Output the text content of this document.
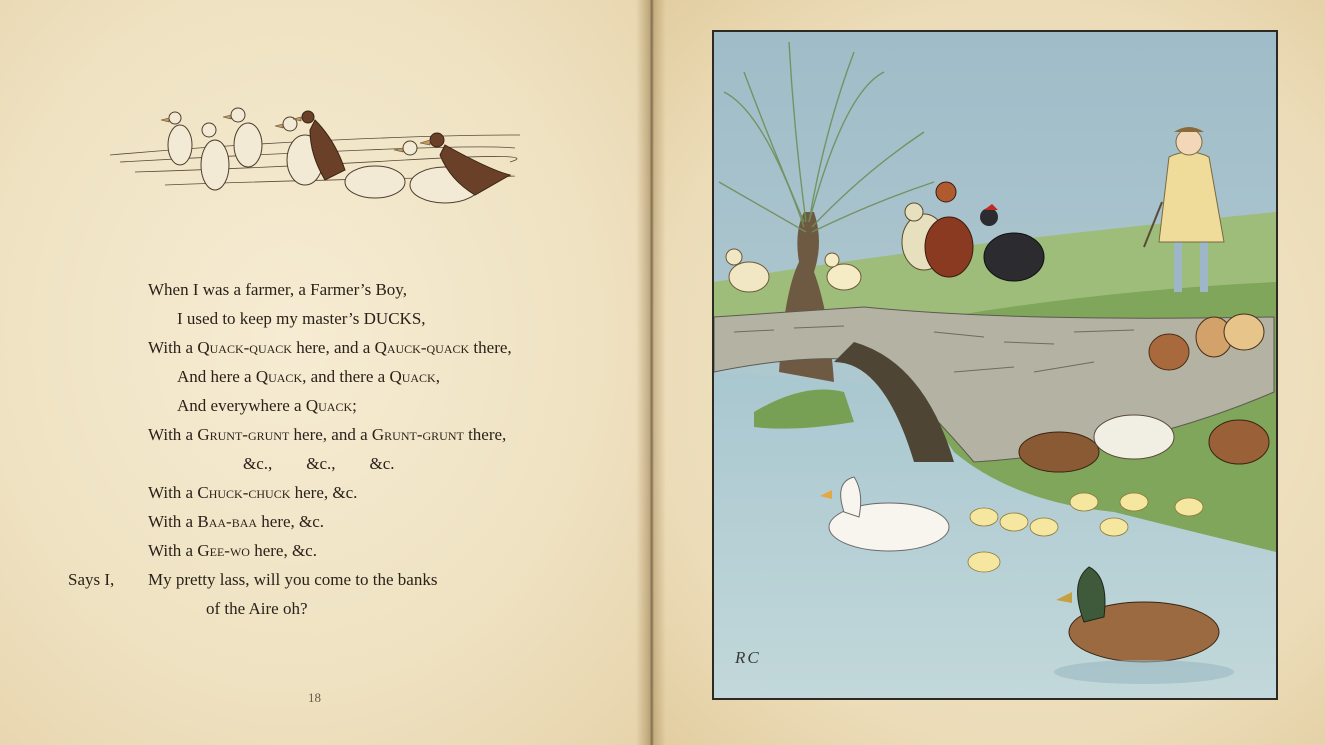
When I was a farmer, a Farmer’s Boy,
I used to keep my master’s DUCKS,
With a Quack-quack here, and a Qauck-quack there,
And here a Quack, and there a Quack,
And everywhere a Quack;
With a Grunt-grunt here, and a Grunt-grunt there,
&c.,        &c.,        &c.
With a Chuck-chuck here, &c.
With a Baa-baa here, &c.
With a Gee-wo here, &c.
Says I, My pretty lass, will you come to the banks
of the Aire oh?
18
RC
